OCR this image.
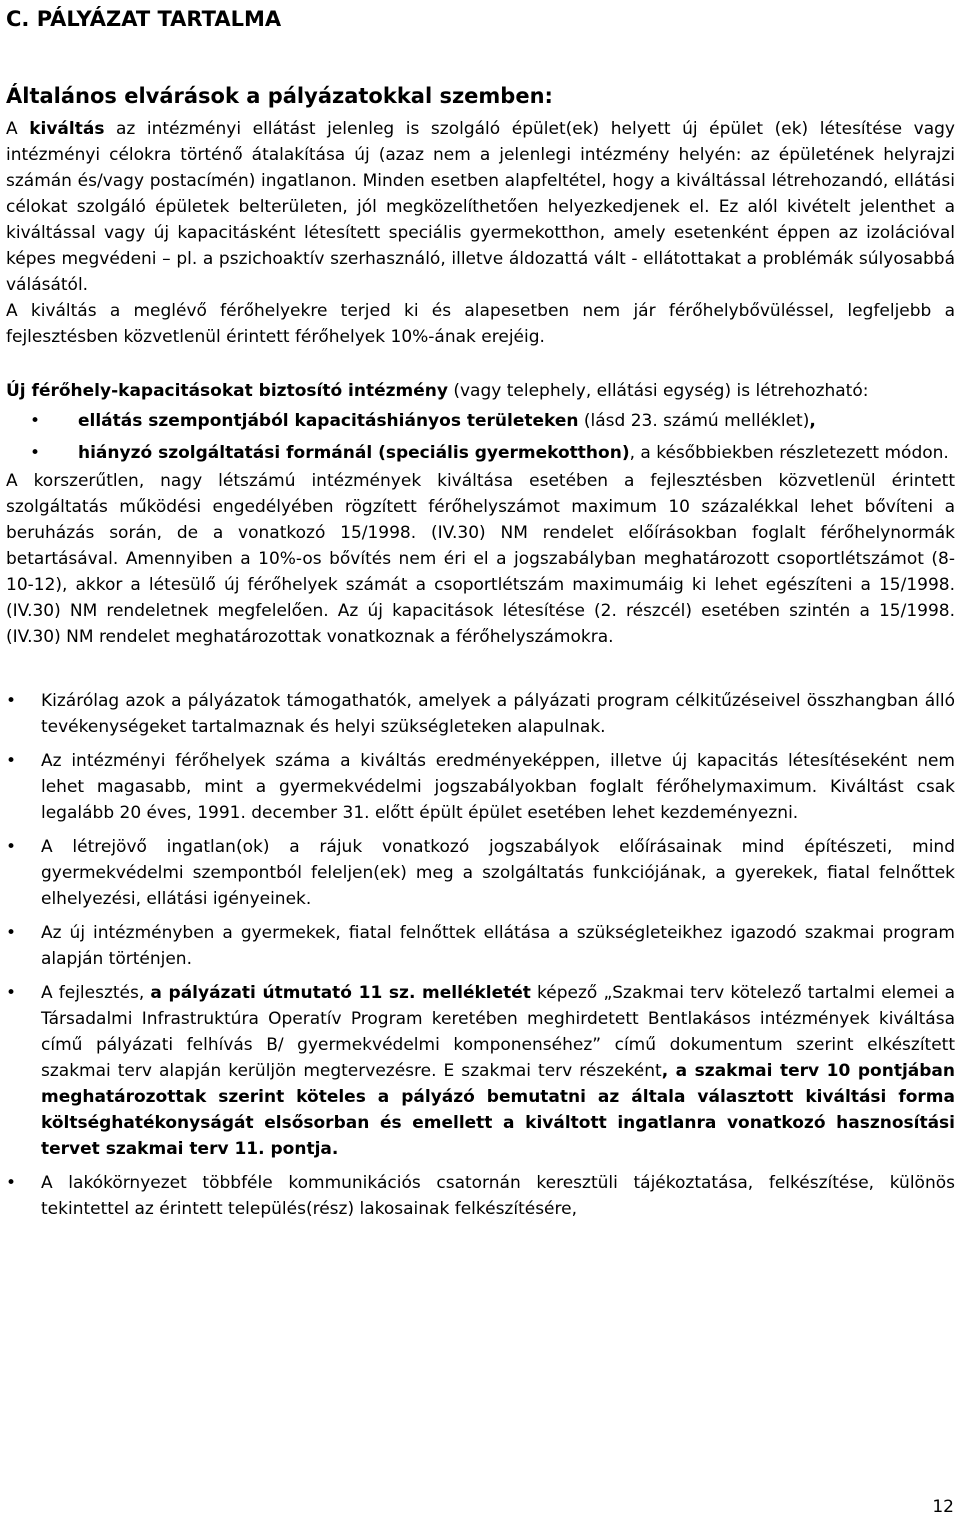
C. PÁLYÁZAT TARTALMA
Általános elvárások a pályázatokkal szemben:

A kiváltás az intézményi ellátást jelenleg is szolgáló épület(ek) helyett új épület (ek) létesítése vagy intézményi célokra történő átalakítása új (azaz nem a jelenlegi intézmény helyén: az épületének helyrajzi számán és/vagy postacímén) ingatlanon. Minden esetben alapfeltétel, hogy a kiváltással létrehozandó, ellátási célokat szolgáló épületek belterületen, jól megközelíthetően helyezkedjenek el. Ez alól kivételt jelenthet a kiváltással vagy új kapacitásként létesített speciális gyermekotthon, amely esetenként éppen az izolációval képes megvédeni – pl. a pszichoaktív szerhasználó, illetve áldozattá vált - ellátottakat a problémák súlyosabbá válásától.

A kiváltás a meglévő férőhelyekre terjed ki és alapesetben nem jár férőhelybővüléssel, legfeljebb a fejlesztésben közvetlenül érintett férőhelyek 10%-ának erejéig.

Új férőhely-kapacitásokat biztosító intézmény (vagy telephely, ellátási egység) is létrehozható:

• ellátás szempontjából kapacitáshiányos területeken (lásd 23. számú melléklet),
• hiányzó szolgáltatási formánál (speciális gyermekotthon), a későbbiekben részletezett módon.

A korszerűtlen, nagy létszámú intézmények kiváltása esetében a fejlesztésben közvetlenül érintett szolgáltatás működési engedélyében rögzített férőhelyszámot maximum 10 százalékkal lehet bővíteni a beruházás során, de a vonatkozó 15/1998. (IV.30) NM rendelet előírásokban foglalt férőhelynormák betartásával. Amennyiben a 10%-os bővítés nem éri el a jogszabályban meghatározott csoportlétszámot (8-10-12), akkor a létesülő új férőhelyek számát a csoportlétszám maximumáig ki lehet egészíteni a 15/1998. (IV.30) NM rendeletnek megfelelően. Az új kapacitások létesítése (2. részcél) esetében szintén a 15/1998. (IV.30) NM rendelet meghatározottak vonatkoznak a férőhelyszámokra.

• Kizárólag azok a pályázatok támogathatók, amelyek a pályázati program célkitűzéseivel összhangban álló tevékenységeket tartalmaznak és helyi szükségleteken alapulnak.
• Az intézményi férőhelyek száma a kiváltás eredményeképpen, illetve új kapacitás létesítéseként nem lehet magasabb, mint a gyermekvédelmi jogszabályokban foglalt férőhelymaximum. Kiváltást csak legalább 20 éves, 1991. december 31. előtt épült épület esetében lehet kezdeményezni.
• A létrejövő ingatlan(ok) a rájuk vonatkozó jogszabályok előírásainak mind építészeti, mind gyermekvédelmi szempontból feleljen(ek) meg a szolgáltatás funkciójának, a gyerekek, fiatal felnőttek elhelyezési, ellátási igényeinek.
• Az új intézményben a gyermekek, fiatal felnőttek ellátása a szükségleteikhez igazodó szakmai program alapján történjen.
• A fejlesztés, a pályázati útmutató 11 sz. mellékletét képező „Szakmai terv kötelező tartalmi elemei a Társadalmi Infrastruktúra Operatív Program keretében meghirdetett Bentlakásos intézmények kiváltása című pályázati felhívás B/ gyermekvédelmi komponenséhez” című dokumentum szerint elkészített szakmai terv alapján kerüljön megtervezésre. E szakmai terv részeként, a szakmai terv 10 pontjában meghatározottak szerint köteles a pályázó bemutatni az általa választott kiváltási forma költséghatékonyságát elsősorban és emellett a kiváltott ingatlanra vonatkozó hasznosítási tervet szakmai terv 11. pontja.
• A lakókörnyezet többféle kommunikációs csatornán keresztüli tájékoztatása, felkészítése, különös tekintettel az érintett település(rész) lakosainak felkészítésére,

12
